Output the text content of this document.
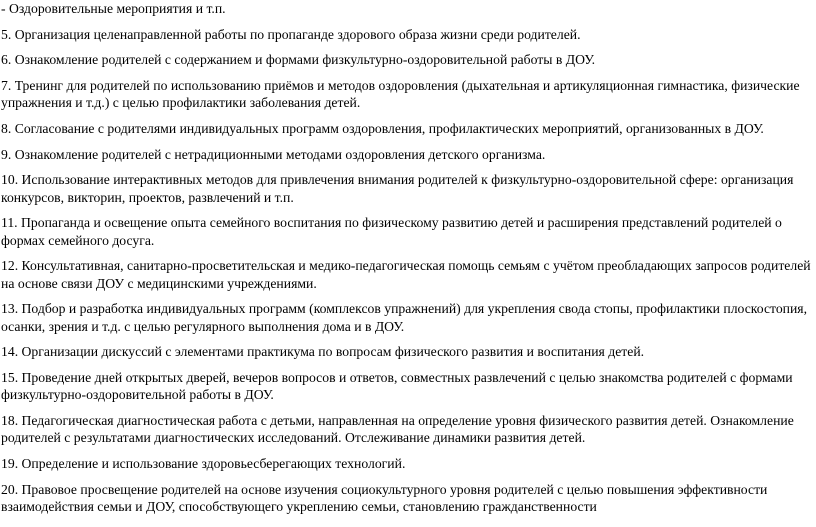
- Оздоровительные мероприятия и т.п.

5. Организация целенаправленной работы по пропаганде здорового образа жизни среди родителей.

6. Ознакомление родителей с содержанием и формами физкультурно-оздоровительной работы в ДОУ.

7. Тренинг для родителей по использованию приёмов и методов оздоровления (дыхательная и артикуляционная гимнастика, физические упражнения и т.д.) с целью профилактики заболевания детей.

8. Согласование с родителями индивидуальных программ оздоровления, профилактических мероприятий, организованных в ДОУ.

9. Ознакомление родителей с нетрадиционными методами оздоровления детского организма.

10. Использование интерактивных методов для привлечения внимания родителей к физкультурно-оздоровительной сфере: организация конкурсов, викторин, проектов, развлечений и т.п.

11. Пропаганда и освещение опыта семейного воспитания по физическому развитию детей и расширения представлений родителей о формах семейного досуга.

12. Консультативная, санитарно-просветительская и медико-педагогическая помощь семьям с учётом преобладающих запросов родителей на основе связи ДОУ с медицинскими учреждениями.

13. Подбор и разработка индивидуальных программ (комплексов упражнений) для укрепления свода стопы, профилактики плоскостопия, осанки, зрения и т.д. с целью регулярного выполнения дома и в ДОУ.

14. Организации дискуссий с элементами практикума по вопросам физического развития и воспитания детей.

15. Проведение дней открытых дверей, вечеров вопросов и ответов, совместных развлечений с целью знакомства родителей с формами физкультурно-оздоровительной работы в ДОУ.

18. Педагогическая диагностическая работа с детьми, направленная на определение уровня физического развития детей. Ознакомление родителей с результатами диагностических исследований. Отслеживание динамики развития детей.

19. Определение и использование здоровьесберегающих технологий.

20. Правовое просвещение родителей на основе изучения социокультурного уровня родителей с целью повышения эффективности взаимодействия семьи и ДОУ, способствующего укреплению семьи, становлению гражданственности
